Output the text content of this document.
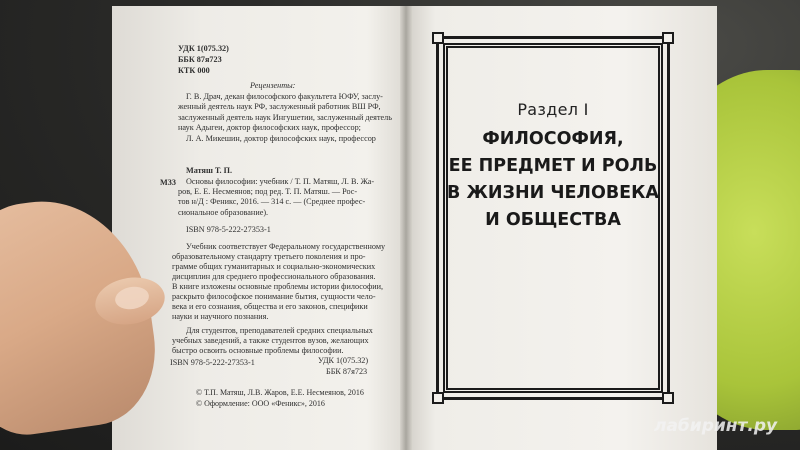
УДК 1(075.32)
ББК 87я723
КТК 000
Рецензенты:
Г. В. Драч, декан философского факультета ЮФУ, заслу-
женный деятель наук РФ, заслуженный работник ВШ РФ,
заслуженный деятель наук Ингушетии, заслуженный деятель
наук Адыгеи, доктор философских наук, профессор;
Л. А. Микешин, доктор философских наук, профессор
М33
Матяш Т. П.
Основы философии: учебник / Т. П. Матяш, Л. В. Жа-
ров, Е. Е. Несмеянов; под ред. Т. П. Матяш. — Рос-
тов н/Д : Феникс, 2016. — 314 с. — (Среднее профес-
сиональное образование).
ISBN 978-5-222-27353-1
Учебник соответствует Федеральному государственному
образовательному стандарту третьего поколения и про-
грамме общих гуманитарных и социально-экономических
дисциплин для среднего профессионального образования.
В книге изложены основные проблемы истории философии,
раскрыто философское понимание бытия, сущности чело-
века и его сознания, общества и его законов, специфики
науки и научного познания.
Для студентов, преподавателей средних специальных
учебных заведений, а также студентов вузов, желающих
быстро освоить основные проблемы философии.
ISBN 978-5-222-27353-1	УДК 1(075.32)
ББК 87я723
© Т.П. Матяш, Л.В. Жаров, Е.Е. Несмеянов, 2016
© Оформление: ООО «Феникс», 2016
Раздел I
ФИЛОСОФИЯ,
ЕЕ ПРЕДМЕТ И РОЛЬ
В ЖИЗНИ ЧЕЛОВЕКА
И ОБЩЕСТВА
лабиринт.ру
